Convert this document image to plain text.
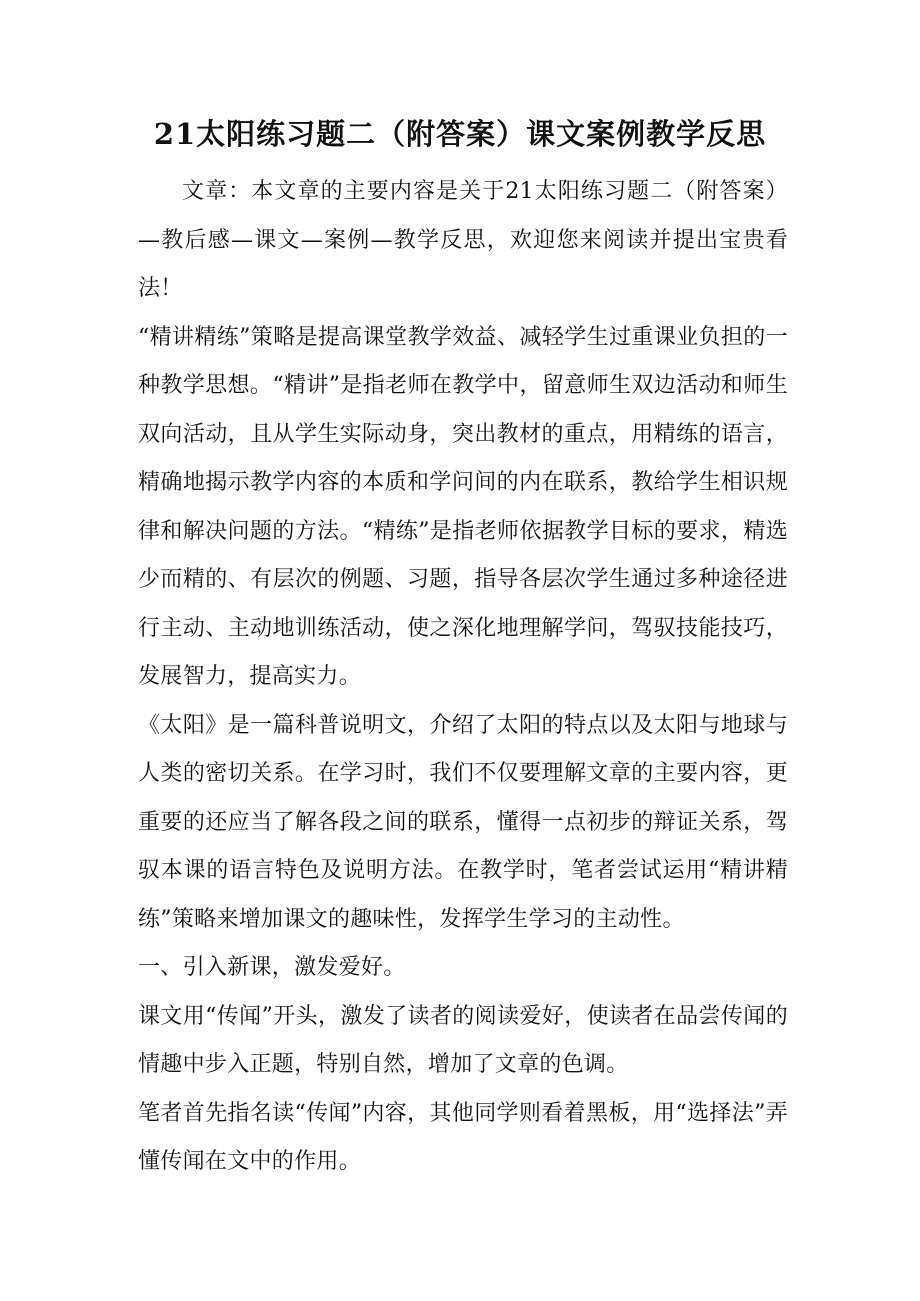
21太阳练习题二（附答案）课文案例教学反思

文章：本文章的主要内容是关于21太阳练习题二（附答案）—教后感—课文—案例—教学反思，欢迎您来阅读并提出宝贵看法！

“精讲精练”策略是提高课堂教学效益、减轻学生过重课业负担的一种教学思想。“精讲”是指老师在教学中，留意师生双边活动和师生双向活动，且从学生实际动身，突出教材的重点，用精练的语言，精确地揭示教学内容的本质和学问间的内在联系，教给学生相识规律和解决问题的方法。“精练”是指老师依据教学目标的要求，精选少而精的、有层次的例题、习题，指导各层次学生通过多种途径进行主动、主动地训练活动，使之深化地理解学问，驾驭技能技巧，发展智力，提高实力。

《太阳》是一篇科普说明文，介绍了太阳的特点以及太阳与地球与人类的密切关系。在学习时，我们不仅要理解文章的主要内容，更重要的还应当了解各段之间的联系，懂得一点初步的辩证关系，驾驭本课的语言特色及说明方法。在教学时，笔者尝试运用“精讲精练”策略来增加课文的趣味性，发挥学生学习的主动性。

一、引入新课，激发爱好。

课文用“传闻”开头，激发了读者的阅读爱好，使读者在品尝传闻的情趣中步入正题，特别自然，增加了文章的色调。

笔者首先指名读“传闻”内容，其他同学则看着黑板，用“选择法”弄懂传闻在文中的作用。
